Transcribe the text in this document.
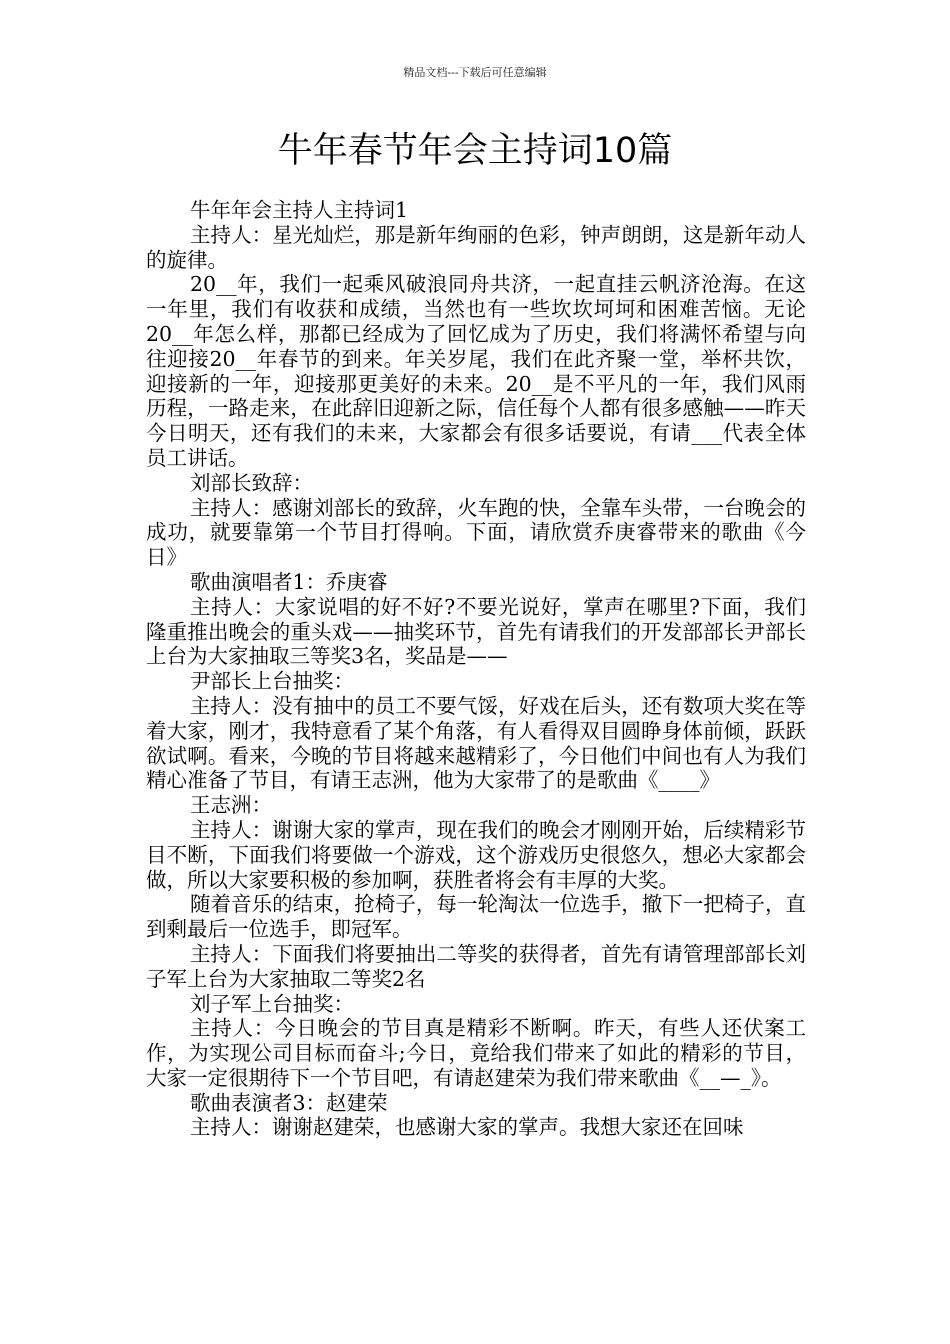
精品文档---下载后可任意编辑
牛年春节年会主持词10篇

牛年年会主持人主持词1

主持人：星光灿烂，那是新年绚丽的色彩，钟声朗朗，这是新年动人的旋律。

20__年，我们一起乘风破浪同舟共济，一起直挂云帆济沧海。在这一年里，我们有收获和成绩，当然也有一些坎坎坷坷和困难苦恼。无论20__年怎么样，那都已经成为了回忆成为了历史，我们将满怀希望与向往迎接20__年春节的到来。年关岁尾，我们在此齐聚一堂，举杯共饮，迎接新的一年，迎接那更美好的未来。20__是不平凡的一年，我们风雨历程，一路走来，在此辞旧迎新之际，信任每个人都有很多感触——昨天今日明天，还有我们的未来，大家都会有很多话要说，有请___代表全体员工讲话。

刘部长致辞：

主持人：感谢刘部长的致辞，火车跑的快，全靠车头带，一台晚会的成功，就要靠第一个节目打得响。下面，请欣赏乔庚睿带来的歌曲《今日》

歌曲演唱者1：乔庚睿

主持人：大家说唱的好不好?不要光说好，掌声在哪里?下面，我们隆重推出晚会的重头戏——抽奖环节，首先有请我们的开发部部长尹部长上台为大家抽取三等奖3名，奖品是——

尹部长上台抽奖：

主持人：没有抽中的员工不要气馁，好戏在后头，还有数项大奖在等着大家，刚才，我特意看了某个角落，有人看得双目圆睁身体前倾，跃跃欲试啊。看来，今晚的节目将越来越精彩了，今日他们中间也有人为我们精心准备了节目，有请王志洲，他为大家带了的是歌曲《____》

王志洲：

主持人：谢谢大家的掌声，现在我们的晚会才刚刚开始，后续精彩节目不断，下面我们将要做一个游戏，这个游戏历史很悠久，想必大家都会做，所以大家要积极的参加啊，获胜者将会有丰厚的大奖。

随着音乐的结束，抢椅子，每一轮淘汰一位选手，撤下一把椅子，直到剩最后一位选手，即冠军。

主持人：下面我们将要抽出二等奖的获得者，首先有请管理部部长刘子军上台为大家抽取二等奖2名

刘子军上台抽奖：

主持人：今日晚会的节目真是精彩不断啊。昨天，有些人还伏案工作，为实现公司目标而奋斗;今日，竟给我们带来了如此的精彩的节目，大家一定很期待下一个节目吧，有请赵建荣为我们带来歌曲《__—_》。

歌曲表演者3：赵建荣

主持人：谢谢赵建荣，也感谢大家的掌声。我想大家还在回味
